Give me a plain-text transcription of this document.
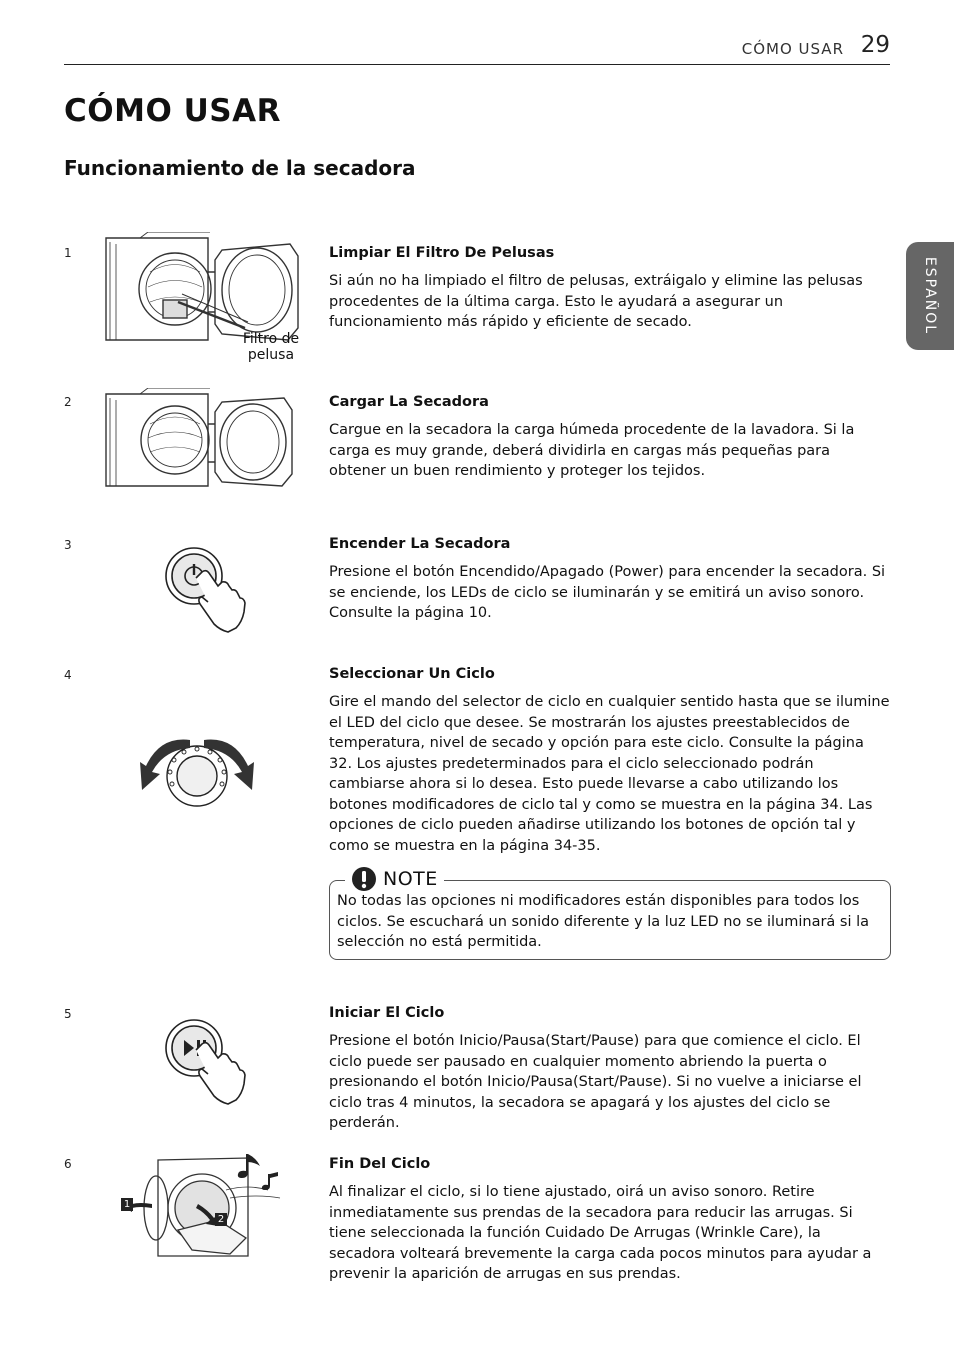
CÓMO USAR 29
CÓMO USAR
Funcionamiento de la secadora
ESPAÑOL
1
Filtro de
pelusa
Limpiar El Filtro De Pelusas

Si aún no ha limpiado el filtro de pelusas, extráigalo y elimine las pelusas procedentes de la última carga. Esto le ayudará a asegurar un funcionamiento más rápido y eficiente de secado.

2	Cargar La Secadora

Cargue en la secadora la carga húmeda procedente de la lavadora. Si la carga es muy grande, deberá dividirla en cargas más pequeñas para obtener un buen rendimiento y proteger los tejidos.

3	Encender La Secadora

Presione el botón Encendido/Apagado (Power) para encender la secadora. Si se enciende, los LEDs de ciclo se iluminarán y se emitirá un aviso sonoro. Consulte la página 10.

4	Seleccionar Un Ciclo

Gire el mando del selector de ciclo en cualquier sentido hasta que se ilumine el LED del ciclo que desee. Se mostrarán los ajustes preestablecidos de temperatura, nivel de secado y opción para este ciclo. Consulte la página 32. Los ajustes predeterminados para el ciclo seleccionado podrán cambiarse ahora si lo desea. Esto puede llevarse a cabo utilizando los botones modificadores de ciclo tal y como se muestra en la página 34. Las opciones de ciclo pueden añadirse utilizando los botones de opción tal y como se muestra en la página 34-35.

NOTE

No todas las opciones ni modificadores están disponibles para todos los ciclos. Se escuchará un sonido diferente y la luz LED no se iluminará si la selección no está permitida.

5	Iniciar El Ciclo

Presione el botón Inicio/Pausa(Start/Pause) para que comience el ciclo. El ciclo puede ser pausado en cualquier momento abriendo la puerta o presionando el botón Inicio/Pausa(Start/Pause). Si no vuelve a iniciarse el ciclo tras 4 minutos, la secadora se apagará y los ajustes del ciclo se perderán.

6
1
2
Fin Del Ciclo

Al finalizar el ciclo, si lo tiene ajustado, oirá un aviso sonoro. Retire inmediatamente sus prendas de la secadora para reducir las arrugas. Si tiene seleccionada la función Cuidado De Arrugas (Wrinkle Care), la secadora volteará brevemente la carga cada pocos minutos para ayudar a prevenir la aparición de arrugas en sus prendas.
